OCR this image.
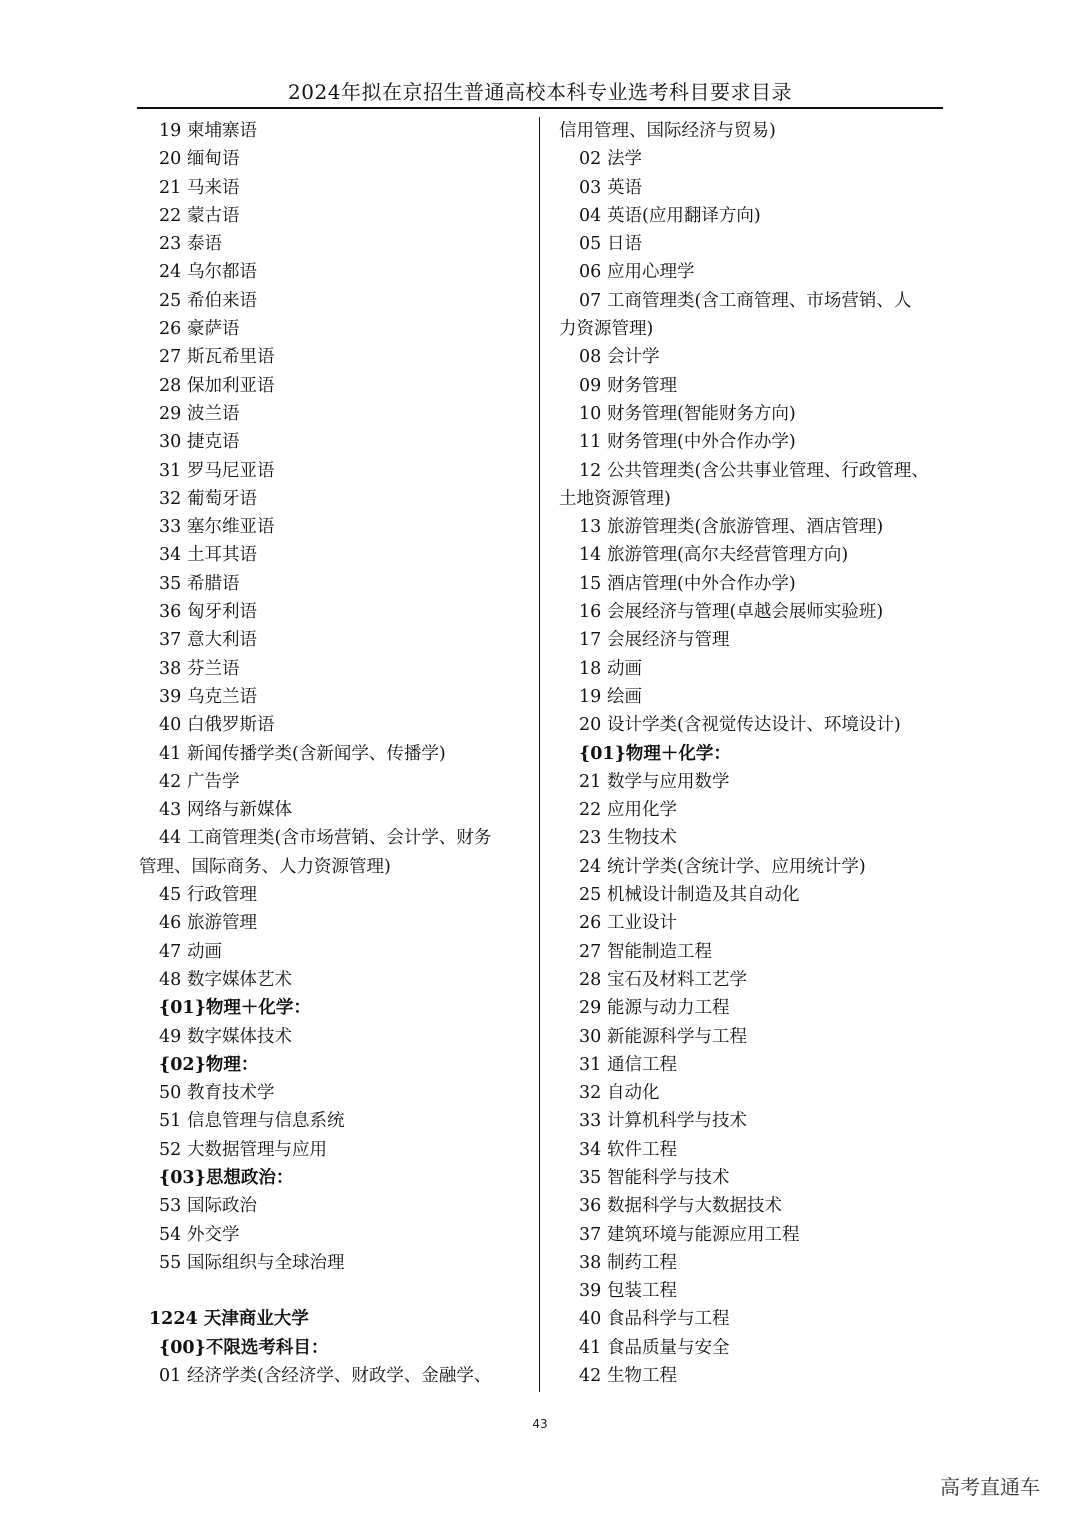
2024年拟在京招生普通高校本科专业选考科目要求目录
19 柬埔寨语
20 缅甸语
21 马来语
22 蒙古语
23 泰语
24 乌尔都语
25 希伯来语
26 豪萨语
27 斯瓦希里语
28 保加利亚语
29 波兰语
30 捷克语
31 罗马尼亚语
32 葡萄牙语
33 塞尔维亚语
34 土耳其语
35 希腊语
36 匈牙利语
37 意大利语
38 芬兰语
39 乌克兰语
40 白俄罗斯语
41 新闻传播学类(含新闻学、传播学)
42 广告学
43 网络与新媒体
44 工商管理类(含市场营销、会计学、财务
管理、国际商务、人力资源管理)
45 行政管理
46 旅游管理
47 动画
48 数字媒体艺术
{01}物理＋化学：
49 数字媒体技术
{02}物理：
50 教育技术学
51 信息管理与信息系统
52 大数据管理与应用
{03}思想政治：
53 国际政治
54 外交学
55 国际组织与全球治理
1224 天津商业大学
{00}不限选考科目：
01 经济学类(含经济学、财政学、金融学、
信用管理、国际经济与贸易)
02 法学
03 英语
04 英语(应用翻译方向)
05 日语
06 应用心理学
07 工商管理类(含工商管理、市场营销、人
力资源管理)
08 会计学
09 财务管理
10 财务管理(智能财务方向)
11 财务管理(中外合作办学)
12 公共管理类(含公共事业管理、行政管理、
土地资源管理)
13 旅游管理类(含旅游管理、酒店管理)
14 旅游管理(高尔夫经营管理方向)
15 酒店管理(中外合作办学)
16 会展经济与管理(卓越会展师实验班)
17 会展经济与管理
18 动画
19 绘画
20 设计学类(含视觉传达设计、环境设计)
{01}物理＋化学：
21 数学与应用数学
22 应用化学
23 生物技术
24 统计学类(含统计学、应用统计学)
25 机械设计制造及其自动化
26 工业设计
27 智能制造工程
28 宝石及材料工艺学
29 能源与动力工程
30 新能源科学与工程
31 通信工程
32 自动化
33 计算机科学与技术
34 软件工程
35 智能科学与技术
36 数据科学与大数据技术
37 建筑环境与能源应用工程
38 制药工程
39 包装工程
40 食品科学与工程
41 食品质量与安全
42 生物工程
43
高考直通车
